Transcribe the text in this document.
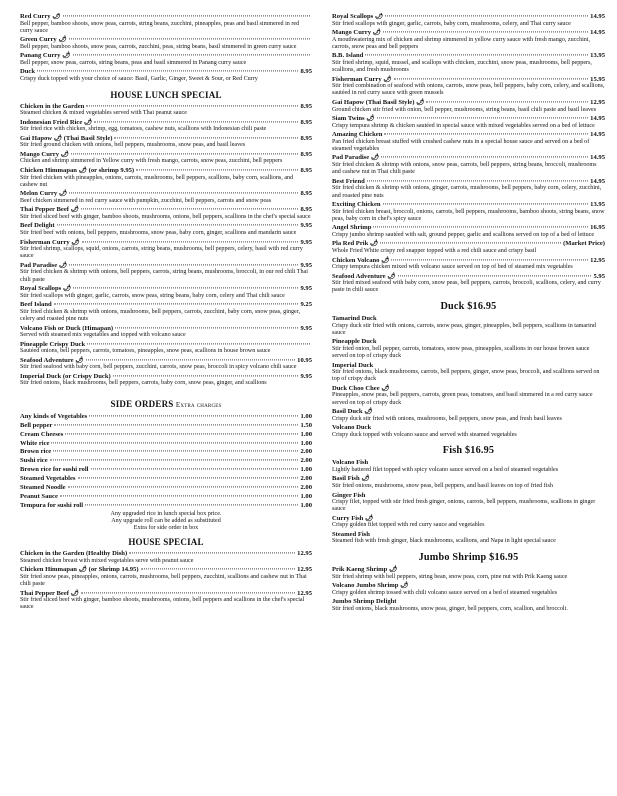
Red Curry 🌶
Bell pepper, bamboo shoots, snow peas, carrots, string beans, zucchini, pineapples, peas and basil simmered in red curry sauce
Green Curry 🌶
Bell pepper, bamboo shoots, snow peas, carrots, zucchini, peas, string beans, basil simmered in green curry sauce
Panang Curry 🌶
Bell pepper, snow peas, carrots, string beans, peas and basil simmered in Panang curry sauce
Duck	8.95
Crispy duck topped with your choice of sauce: Basil, Garlic, Ginger, Sweet & Sour, or Red Curry
HOUSE LUNCH SPECIAL
Chicken in the Garden	8.95
Steamed chicken & mixed vegetables served with Thai peanut sauce
Indonesian Fried Rice 🌶	8.95
Stir fried rice with chicken, shrimp, egg, tomatoes, cashew nuts, scallions with Indonesian chili paste
Gai Hapow 🌶 (Thai Basil Style)	8.95
Stir fried ground chicken with onions, bell peppers, mushrooms, snow peas, and basil leaves
Mango Curry 🌶	8.95
Chicken and shrimp simmered in Yellow curry with fresh mango, carrots, snow peas, zucchini, bell peppers
Chicken Himmapan 🌶 (or shrimp 9.95)	8.95
Stir fried chicken with pineapples, onions, carrots, mushrooms, bell peppers, scallions, baby corn, scallions, and cashew nut
Melon Curry 🌶	8.95
Beef chicken simmered in red curry sauce with pumpkin, zucchini, bell peppers, carrots and snow peas
Thai Pepper Beef 🌶	8.95
Stir fried sliced beef with ginger, bamboo shoots, mushrooms, onions, bell peppers, scallions in the chef's special sauce
Beef Delight	9.95
Stir fried beef with onions, bell peppers, mushrooms, snow peas, baby corn, ginger, scallions and mandarin sauce
Fisherman Curry 🌶	9.95
Stir fried shrimp, scallops, squid, onions, carrots, string beans, mushrooms, bell peppers, celery, basil with red curry sauce
Pad Paradise 🌶	9.95
Stir fried chicken & shrimp with onions, bell peppers, carrots, string beans, mushrooms, broccoli, in our red chili Thai chili paste
Royal Scallops 🌶	9.95
Stir fried scallops with ginger, garlic, carrots, snow peas, string beans, baby corn, celery and Thai chili sauce
Beef Island	9.25
Stir fried chicken & shrimp with onions, mushrooms, bell peppers, carrots, zucchini, baby corn, snow peas, ginger, celery and roasted pine nuts
Volcano Fish or Duck (Himapan)	9.95
Served with steamed mix vegetables and topped with volcano sauce
Pineapple Crispy Duck
Sautéed onions, bell peppers, carrots, tomatoes, pineapples, snow peas, scallions in house brown sauce
Seafood Adventure 🌶	10.95
Stir fried seafood with baby corn, bell peppers, zucchini, carrots, snow peas, broccoli in spicy volcano chili sauce
Imperial Duck (or Crispy Duck)	9.95
Stir fried onions, black mushrooms, bell peppers, carrots, baby corn, snow peas, ginger, and scallions
SIDE ORDERS Extra charges
Any kinds of Vegetables	1.00
Bell pepper	1.50
Cream Cheeses	1.00
White rice	1.00
Brown rice	2.00
Sushi rice	2.00
Brown rice for sushi roll	1.00
Steamed Vegetables	2.00
Steamed Noodle	2.00
Peanut Sauce	1.00
Tempura for sushi roll	1.00
Any upgraded rice in lunch special box price.
Any upgrade roll can be added as substituted
Extra for side order in box
HOUSE SPECIAL
Chicken in the Garden (Healthy Dish)	12.95
Steamed chicken breast with mixed vegetables serve with peanut sauce
Chicken Himmapan 🌶 (or Shrimp 14.95)	12.95
Stir fried snow peas, pineapples, onions, carrots, mushrooms, bell peppers, zucchini, scallions and cashew nut in Thai chili paste
Thai Pepper Beef 🌶	12.95
Stir fried sliced beef with ginger, bamboo shoots, mushrooms, onions, bell peppers and scallions in the chef's special sauce
Royal Scallops 🌶	14.95
Stir fried scallops with ginger, garlic, carrots, baby corn, mushrooms, celery, and Thai curry sauce
Mango Curry 🌶	14.95
A mouthwatering mix of chicken and shrimp simmered in yellow curry sauce with fresh mango, zucchini, carrots, snow peas and bell peppers
B.B. Island	13.95
Stir fried shrimp, squid, mussel, and scallops with chicken, zucchini, snow peas, mushrooms, bell peppers, scallions, and fresh mushrooms
Fisherman Curry 🌶	15.95
Stir fried combination of seafood with onions, carrots, snow peas, bell peppers, baby corn, celery, and scallions, sautéed in red curry sauce with green mussels
Gai Hapow (Thai Basil Style) 🌶	12.95
Ground chicken stir fried with onion, bell pepper, mushrooms, string beans, basil chili paste and basil leaves
Siam Twins 🌶	14.95
Crispy tempura shrimp & chicken sautéed in special sauce with mixed vegetables served on a bed of lettuce
Amazing Chicken	14.95
Pan fried chicken breast stuffed with crushed cashew nuts in a special house sauce and served on a bed of steamed vegetables
Pad Paradise 🌶	14.95
Stir fried chicken & shrimp with onions, snow peas, carrots, bell peppers, string beans, broccoli, mushrooms and cashew nut in Thai chili paste
Best Friend	14.95
Stir fried chicken & shrimp with onions, ginger, carrots, mushrooms, bell peppers, baby corn, celery, zucchini, and roasted pine nuts
Exciting Chicken	13.95
Stir fried chicken breast, broccoli, onions, carrots, bell peppers, mushrooms, bamboo shoots, string beans, snow peas, baby corn in chef's spicy sauce
Angel Shrimp	16.95
Crispy jumbo shrimp sautéed with salt, ground pepper, garlic and scallions served on top of a bed of lettuce
Pla Red Prik 🌶	(Market Price)
Whole Fried White crispy red snapper topped with a red chili sauce and crispy basil
Chicken Volcano 🌶	12.95
Crispy tempura chicken mixed with volcano sauce served on top of bed of steamed mix vegetables
Seafood Adventure 🌶	5.95
Stir fried mixed seafood with baby corn, snow peas, bell peppers, carrots, broccoli, scallions, celery, and curry paste in chili sauce
Duck $16.95
Tamarind Duck
Crispy duck stir fried with onions, carrots, snow peas, ginger, pineapples, bell peppers, scallions in tamarind sauce
Pineapple Duck
Stir fried onion, bell pepper, carrots, tomatoes, snow peas, pineapples, scallions in our house brown sauce served on top of crispy duck
Imperial Duck
Stir fried onions, black mushrooms, carrots, bell peppers, ginger, snow peas, broccoli, and scallions served on top of crispy duck
Duck Choo Chee 🌶
Pineapples, snow peas, bell peppers, carrots, green peas, tomatoes, and basil simmered in a red curry sauce served on top of crispy duck
Basil Duck 🌶
Crispy duck stir fried with onions, mushrooms, bell peppers, snow peas, and fresh basil leaves
Volcano Duck
Crispy duck topped with volcano sauce and served with steamed vegetables
Fish $16.95
Volcano Fish
Lightly battered filet topped with spicy volcano sauce served on a bed of steamed vegetables
Basil Fish 🌶
Stir fried onions, mushrooms, snow peas, bell peppers, and basil leaves on top of fried fish
Ginger Fish
Crispy filet, topped with stir fried fresh ginger, onions, carrots, bell peppers, mushrooms, scallions in ginger sauce
Curry Fish 🌶
Crispy golden filet topped with red curry sauce and vegetables
Steamed Fish
Steamed fish with fresh ginger, black mushrooms, scallions, and Napa in light special sauce
Jumbo Shrimp $16.95
Prik Kaeng Shrimp 🌶
Stir fried shrimp with bell peppers, string bean, snow peas, corn, pine nut with Prik Kaeng sauce
Volcano Jumbo Shrimp 🌶
Crispy golden shrimp tossed with chili volcano sauce served on a bed of steamed vegetables
Jumbo Shrimp Delight
Stir fried onions, black mushrooms, snow peas, ginger, bell peppers, corn, scallion, and broccoli.
